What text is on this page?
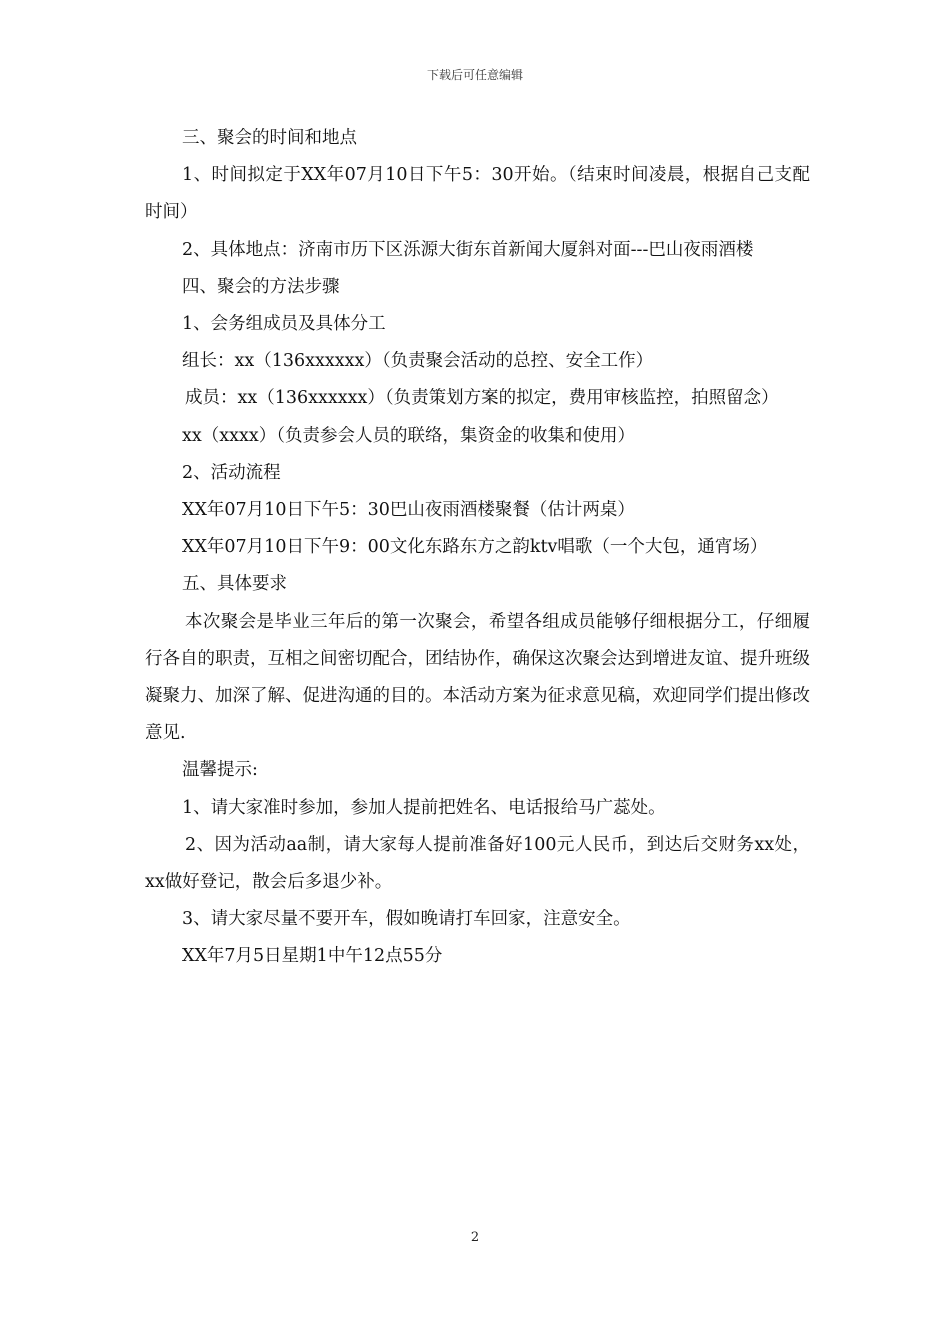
下载后可任意编辑

三、聚会的时间和地点

1、时间拟定于XX年07月10日下午5：30开始。（结束时间凌晨，根据自己支配时间）

2、具体地点：济南市历下区泺源大街东首新闻大厦斜对面---巴山夜雨酒楼

四、聚会的方法步骤

1、会务组成员及具体分工

组长：xx（136xxxxxx）（负责聚会活动的总控、安全工作）

成员：xx（136xxxxxx）（负责策划方案的拟定，费用审核监控，拍照留念）

xx（xxxx）（负责参会人员的联络，集资金的收集和使用）

2、活动流程

XX年07月10日下午5：30巴山夜雨酒楼聚餐（估计两桌）

XX年07月10日下午9：00文化东路东方之韵ktv唱歌（一个大包，通宵场）

五、具体要求

本次聚会是毕业三年后的第一次聚会，希望各组成员能够仔细根据分工，仔细履行各自的职责，互相之间密切配合，团结协作，确保这次聚会达到增进友谊、提升班级凝聚力、加深了解、促进沟通的目的。本活动方案为征求意见稿，欢迎同学们提出修改意见.

温馨提示:

1、请大家准时参加，参加人提前把姓名、电话报给马广蕊处。

2、因为活动aa制，请大家每人提前准备好100元人民币，到达后交财务xx处，xx做好登记，散会后多退少补。

3、请大家尽量不要开车，假如晚请打车回家，注意安全。

XX年7月5日星期1中午12点55分

2
